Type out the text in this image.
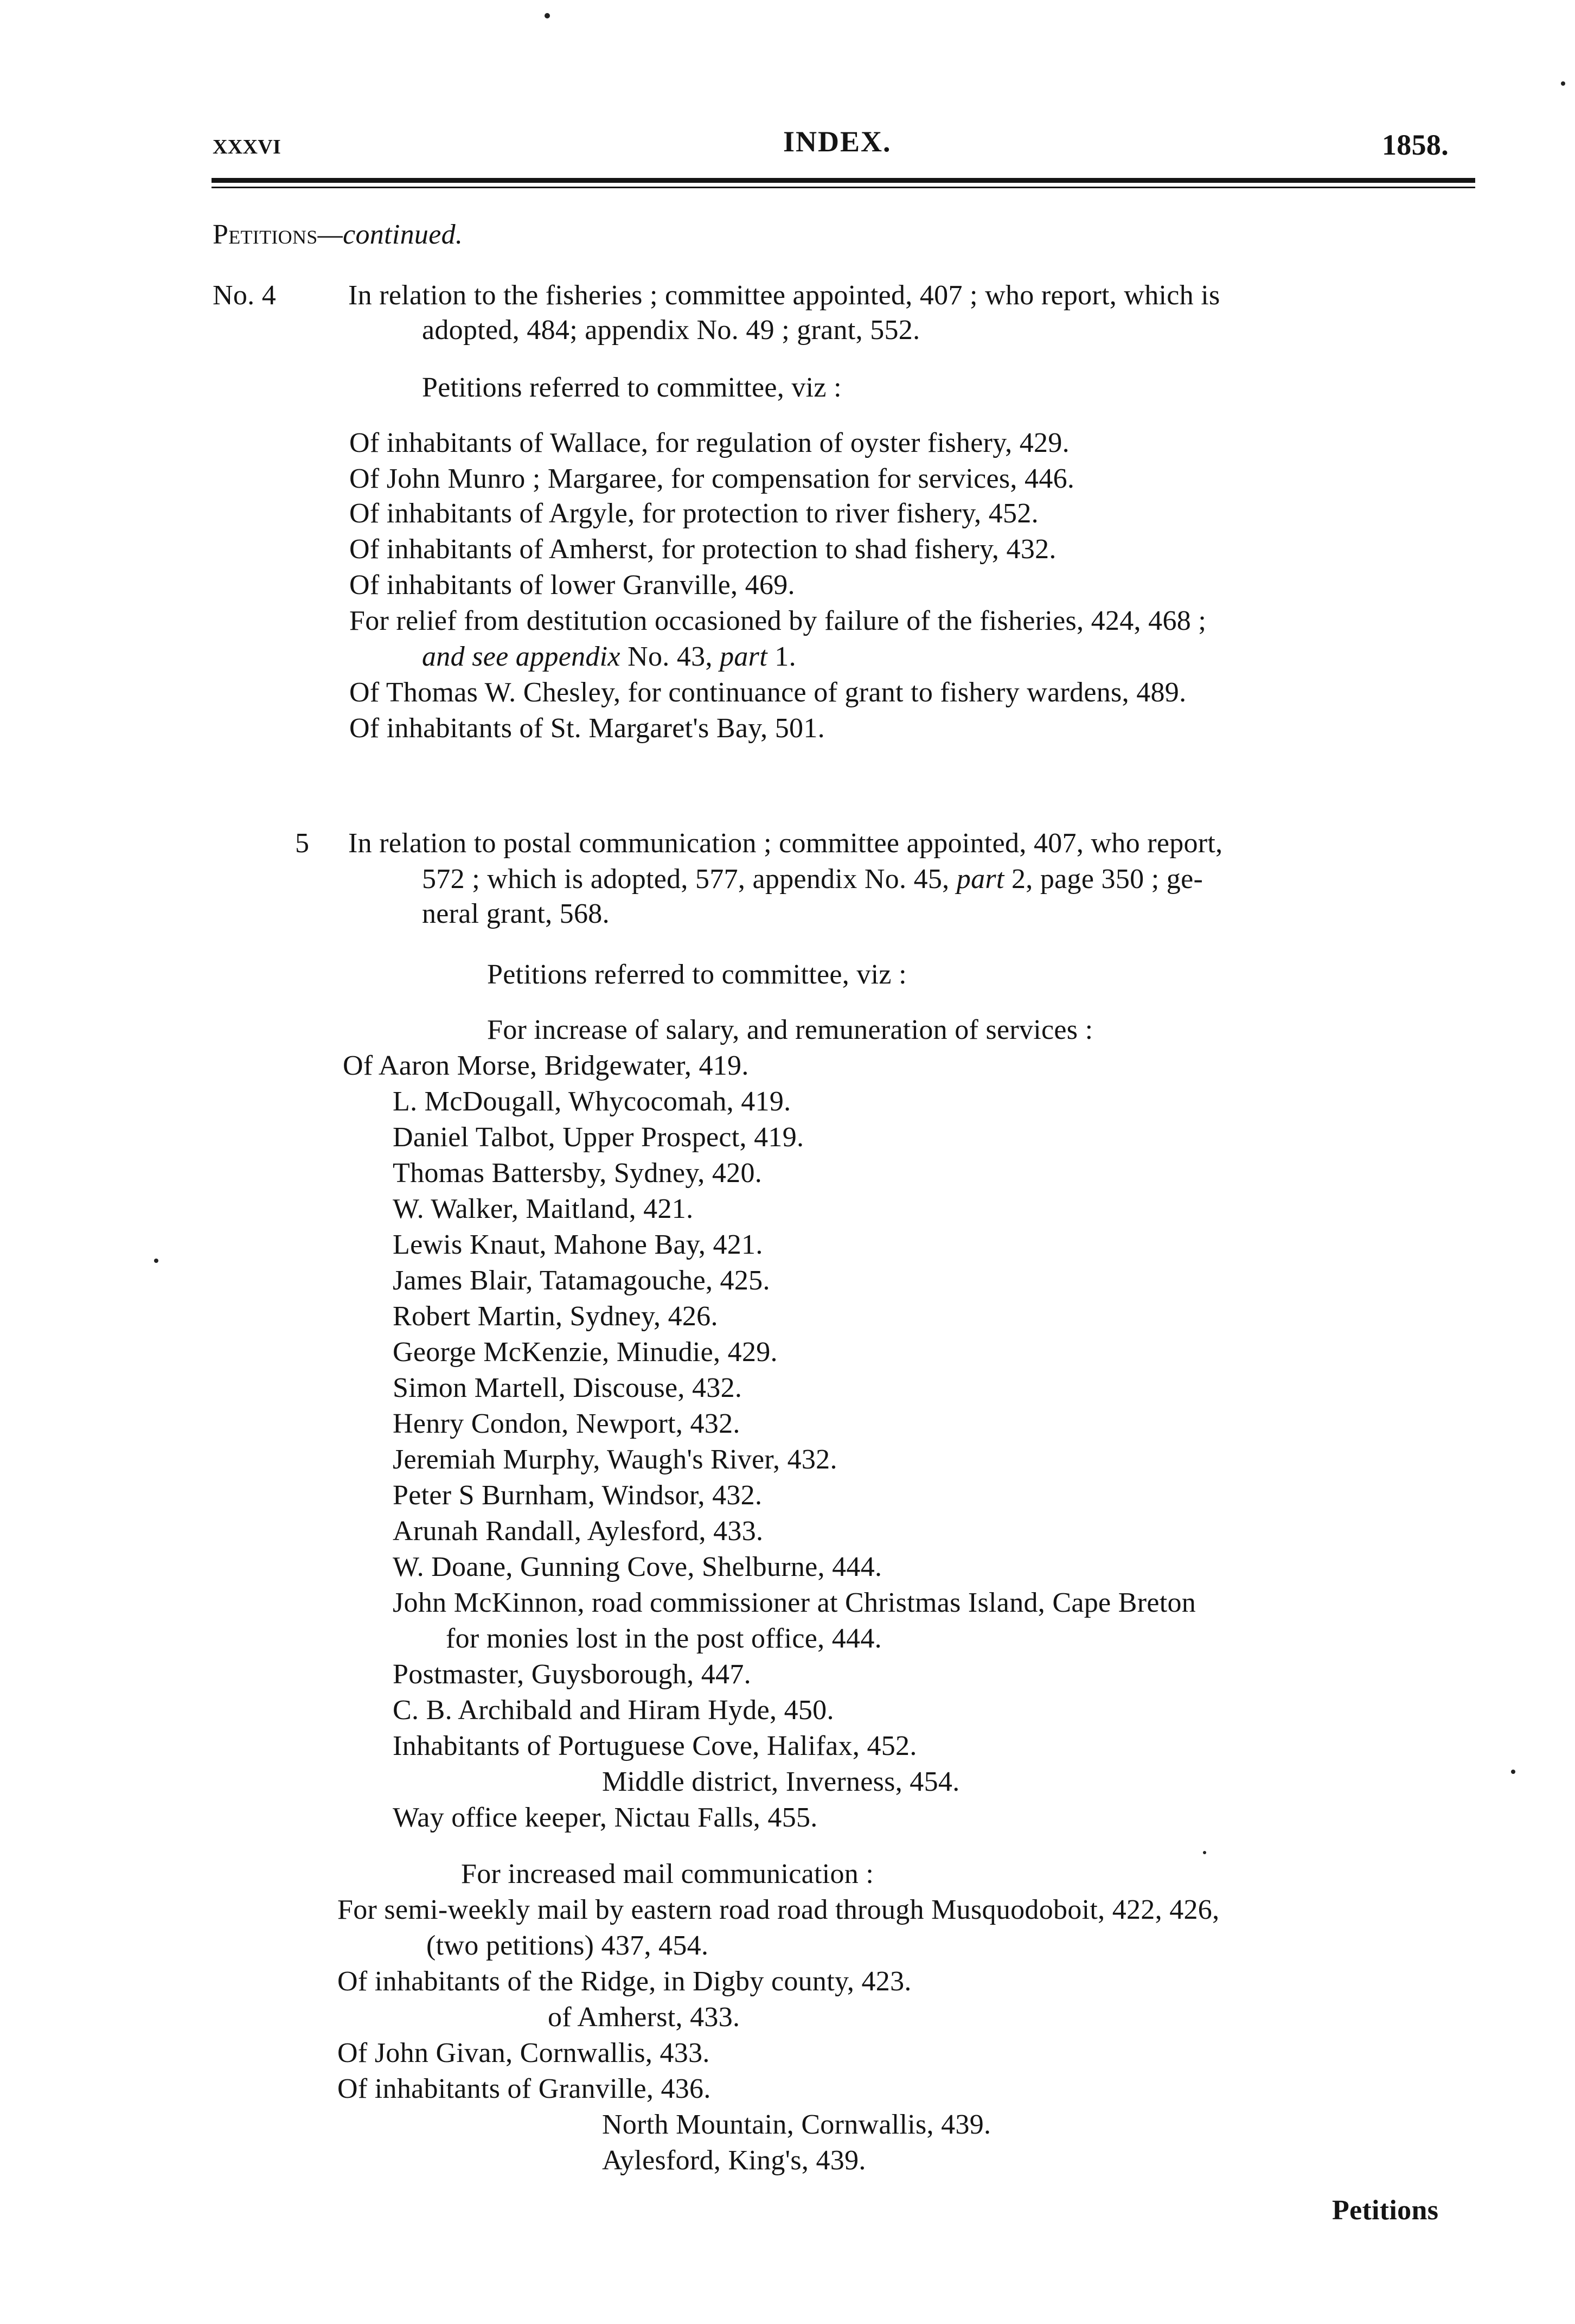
xxxvi	INDEX.	1858.
Petitions—continued.
No. 4	In relation to the fisheries ; committee appointed, 407 ; who report, which is
adopted, 484; appendix No. 49 ; grant, 552.
Petitions referred to committee, viz :
Of inhabitants of Wallace, for regulation of oyster fishery, 429.
Of John Munro ; Margaree, for compensation for services, 446.
Of inhabitants of Argyle, for protection to river fishery, 452.
Of inhabitants of Amherst, for protection to shad fishery, 432.
Of inhabitants of lower Granville, 469.
For relief from destitution occasioned by failure of the fisheries, 424, 468 ;
and see appendix No. 43, part 1.
Of Thomas W. Chesley, for continuance of grant to fishery wardens, 489.
Of inhabitants of St. Margaret's Bay, 501.
5 In relation to postal communication ; committee appointed, 407, who report,
572 ; which is adopted, 577, appendix No. 45, part 2, page 350 ; ge-
neral grant, 568.
Petitions referred to committee, viz :
For increase of salary, and remuneration of services :
Of Aaron Morse, Bridgewater, 419.
L. McDougall, Whycocomah, 419.
Daniel Talbot, Upper Prospect, 419.
Thomas Battersby, Sydney, 420.
W. Walker, Maitland, 421.
Lewis Knaut, Mahone Bay, 421.
James Blair, Tatamagouche, 425.
Robert Martin, Sydney, 426.
George McKenzie, Minudie, 429.
Simon Martell, Discouse, 432.
Henry Condon, Newport, 432.
Jeremiah Murphy, Waugh's River, 432.
Peter S Burnham, Windsor, 432.
Arunah Randall, Aylesford, 433.
W. Doane, Gunning Cove, Shelburne, 444.
John McKinnon, road commissioner at Christmas Island, Cape Breton
for monies lost in the post office, 444.
Postmaster, Guysborough, 447.
C. B. Archibald and Hiram Hyde, 450.
Inhabitants of Portuguese Cove, Halifax, 452.
Middle district, Inverness, 454.
Way office keeper, Nictau Falls, 455.
For increased mail communication :
For semi-weekly mail by eastern road road through Musquodoboit, 422, 426,
(two petitions) 437, 454.
Of inhabitants of the Ridge, in Digby county, 423.
of Amherst, 433.
Of John Givan, Cornwallis, 433.
Of inhabitants of Granville, 436.
North Mountain, Cornwallis, 439.
Aylesford, King's, 439.
Petitions
